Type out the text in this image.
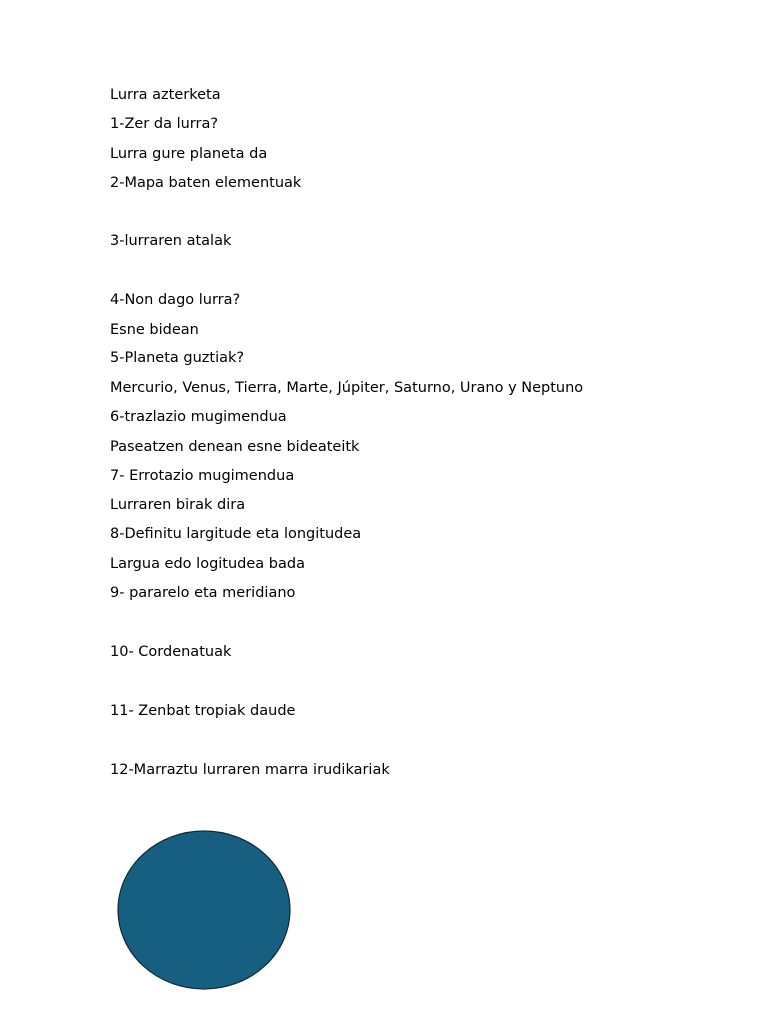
Lurra azterketa
1-Zer da lurra?
Lurra gure planeta da
2-Mapa baten elementuak
3-lurraren atalak
4-Non dago lurra?
Esne bidean
5-Planeta guztiak?
Mercurio, Venus, Tierra, Marte, Júpiter, Saturno, Urano y Neptuno
6-trazlazio mugimendua
Paseatzen denean esne bideateitk
7- Errotazio mugimendua
Lurraren birak dira
8-Definitu largitude eta longitudea
Largua edo logitudea bada
9- pararelo eta meridiano
10- Cordenatuak
11- Zenbat tropiak daude
12-Marraztu lurraren marra irudikariak
